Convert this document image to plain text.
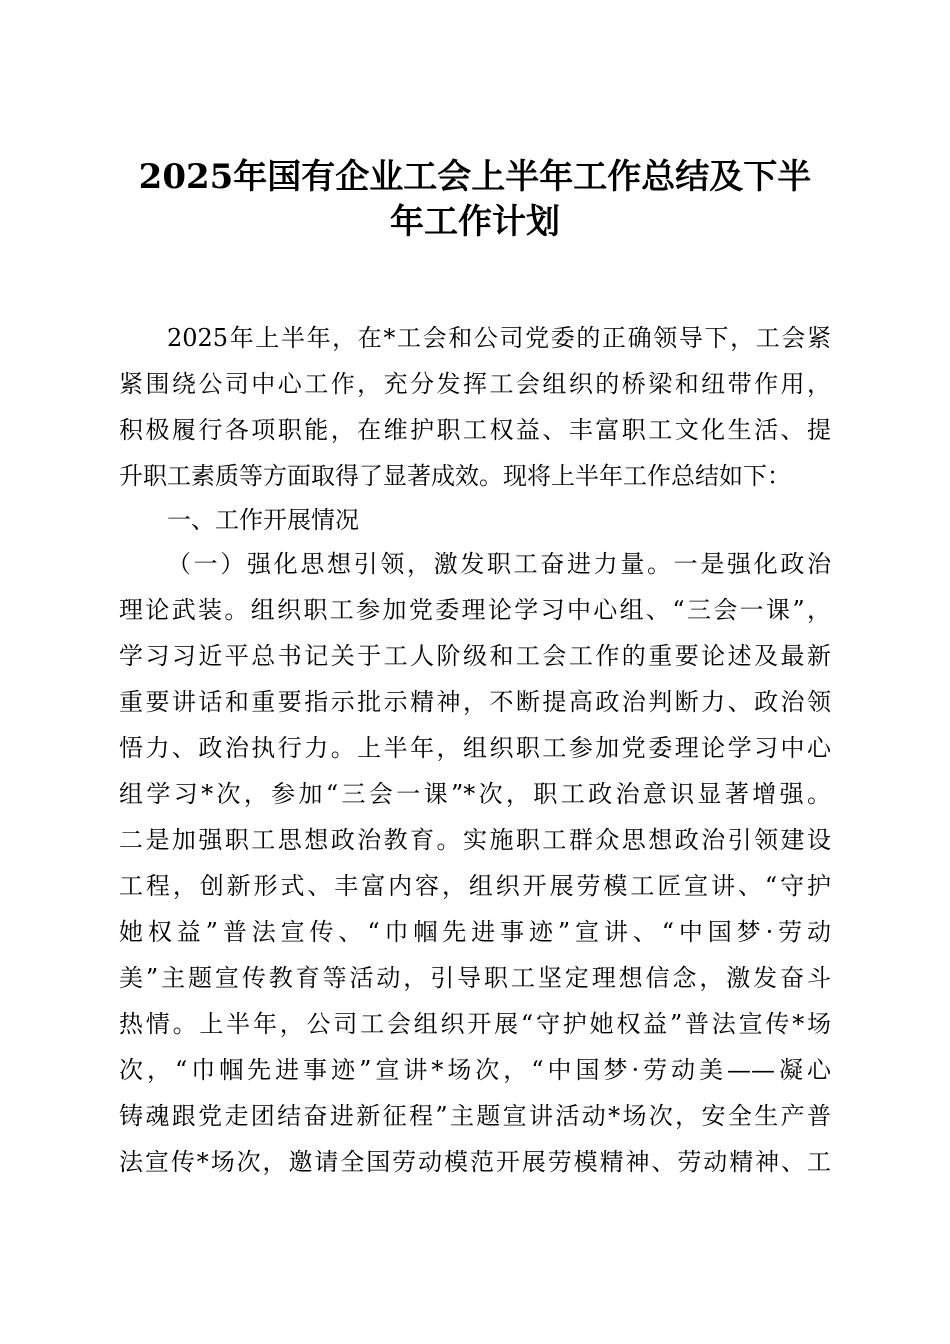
2025年国有企业工会上半年工作总结及下半
年工作计划

2025年上半年，在*工会和公司党委的正确领导下，工会紧

紧围绕公司中心工作，充分发挥工会组织的桥梁和纽带作用，

积极履行各项职能，在维护职工权益、丰富职工文化生活、提

升职工素质等方面取得了显著成效。现将上半年工作总结如下：

一、工作开展情况

（一）强化思想引领，激发职工奋进力量。一是强化政治

理论武装。组织职工参加党委理论学习中心组、“三会一课”，

学习习近平总书记关于工人阶级和工会工作的重要论述及最新

重要讲话和重要指示批示精神，不断提高政治判断力、政治领

悟力、政治执行力。上半年，组织职工参加党委理论学习中心

组学习*次，参加“三会一课”*次，职工政治意识显著增强。

二是加强职工思想政治教育。实施职工群众思想政治引领建设

工程，创新形式、丰富内容，组织开展劳模工匠宣讲、“守护

她权益”普法宣传、“巾帼先进事迹”宣讲、“中国梦·劳动

美”主题宣传教育等活动，引导职工坚定理想信念，激发奋斗

热情。上半年，公司工会组织开展“守护她权益”普法宣传*场

次，“巾帼先进事迹”宣讲*场次，“中国梦·劳动美——凝心

铸魂跟党走团结奋进新征程”主题宣讲活动*场次，安全生产普

法宣传*场次，邀请全国劳动模范开展劳模精神、劳动精神、工
